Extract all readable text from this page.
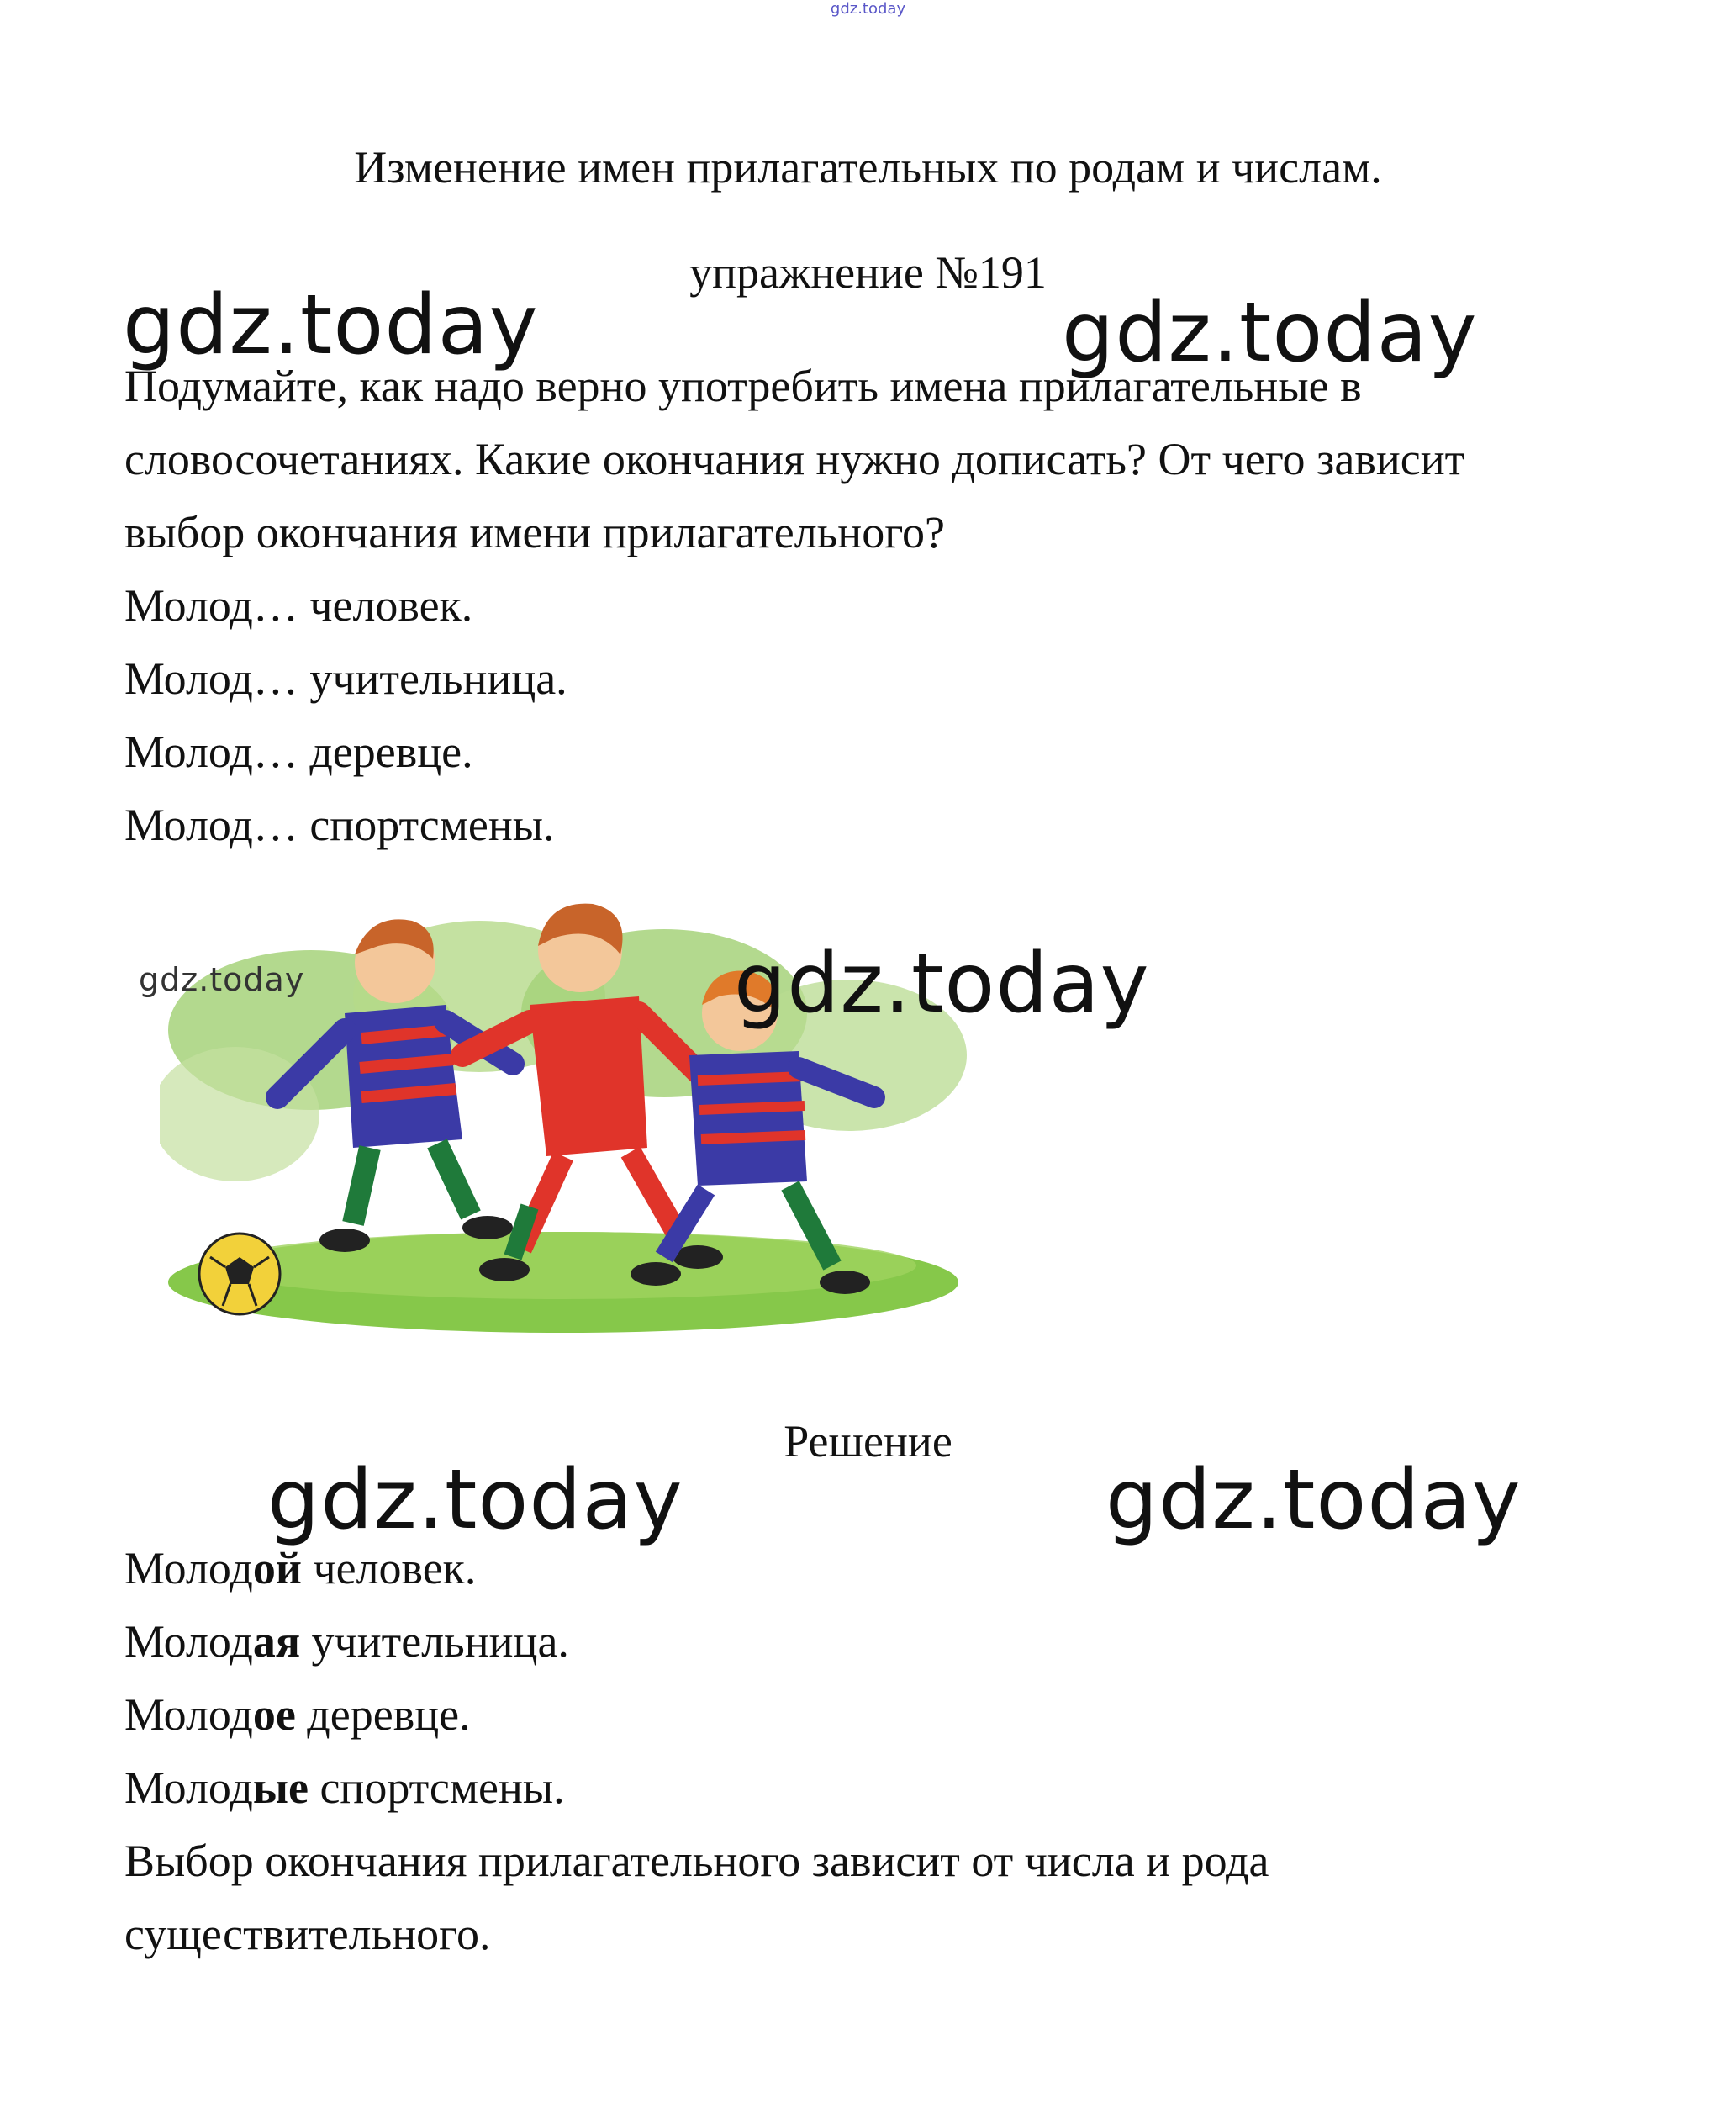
gdz.today
Изменение имен прилагательных по родам и числам.
упражнение №191
gdz.today	gdz.today
Подумайте, как надо верно употребить имена прилагательные в
словосочетаниях. Какие окончания нужно дописать? От чего зависит
выбор окончания имени прилагательного?
Молод… человек.
Молод… учительница.
Молод… деревце.
Молод… спортсмены.
gdz.today	gdz.today
Решение
gdz.today	gdz.today
Молодой человек.
Молодая учительница.
Молодое деревце.
Молодые спортсмены.
Выбор окончания прилагательного зависит от числа и рода
существительного.
